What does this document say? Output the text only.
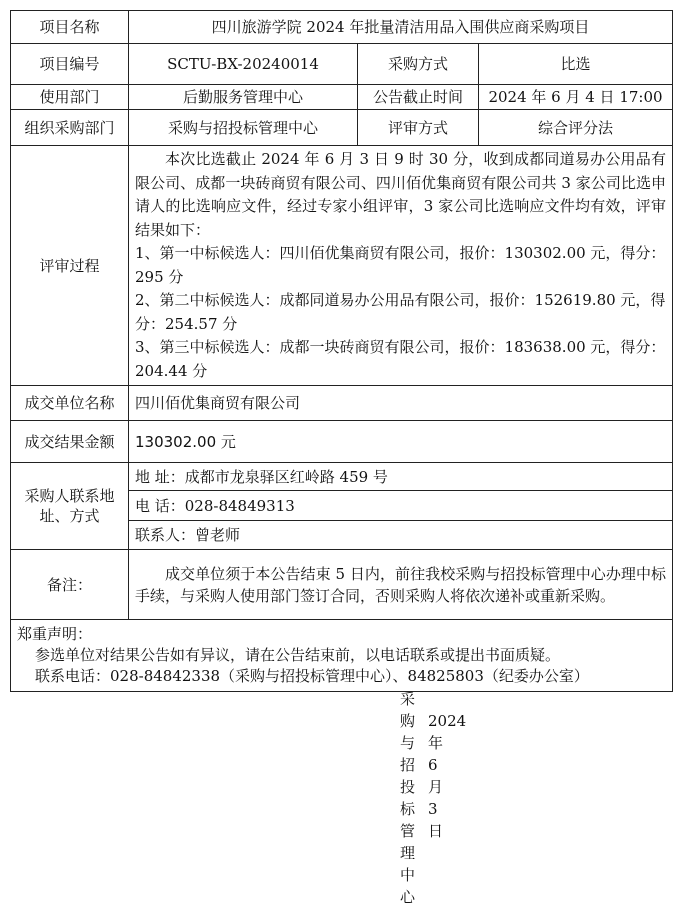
项目名称	四川旅游学院 2024 年批量清洁用品入围供应商采购项目		
项目编号	SCTU-BX-20240014	采购方式	比选
使用部门	后勤服务管理中心	公告截止时间	2024 年 6 月 4 日 17:00
组织采购部门	采购与招投标管理中心	评审方式	综合评分法
评审过程	本次比选截止 2024 年 6 月 3 日 9 时 30 分，收到成都同道易办公用品有限公司、成都一块砖商贸有限公司、四川佰优集商贸有限公司共 3 家公司比选申请人的比选响应文件，经过专家小组评审，3 家公司比选响应文件均有效，评审结果如下：
1、第一中标候选人：四川佰优集商贸有限公司，报价：130302.00 元，得分：295 分
2、第二中标候选人：成都同道易办公用品有限公司，报价：152619.80 元，得分：254.57 分
3、第三中标候选人：成都一块砖商贸有限公司，报价：183638.00 元，得分：204.44 分		

成交单位名称	四川佰优集商贸有限公司		
成交结果金额	130302.00 元		
采购人联系地址、方式	地 址：成都市龙泉驿区红岭路 459 号		
	电 话：028-84849313		
	联系人：曾老师		
备注：	成交单位须于本公告结束 5 日内，前往我校采购与招投标管理中心办理中标手续，与采购人使用部门签订合同，否则采购人将依次递补或重新采购。		

郑重声明：
参选单位对结果公告如有异议，请在公告结束前，以电话联系或提出书面质疑。
联系电话：028-84842338（采购与招投标管理中心）、84825803（纪委办公室）			
采购与招投标管理中心
2024 年 6 月 3 日
